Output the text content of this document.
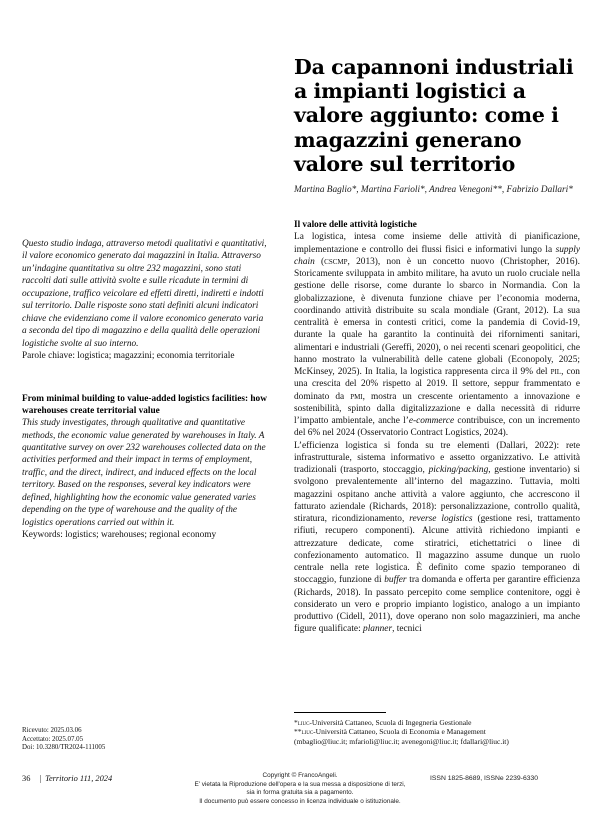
Da capannoni industriali a impianti logistici a valore aggiunto: come i magazzini generano valore sul territorio
Martina Baglio*, Martina Farioli*, Andrea Venegoni**, Fabrizio Dallari*
Il valore delle attività logistiche

La logistica, intesa come insieme delle attività di pianificazione, implementazione e controllo dei flussi fisici e informativi lungo la supply chain (cscmp, 2013), non è un concetto nuovo (Christopher, 2016). Storicamente sviluppata in ambito militare, ha avuto un ruolo cruciale nella gestione delle risorse, come durante lo sbarco in Normandia. Con la globalizzazione, è divenuta funzione chiave per l’economia moderna, coordinando attività distribuite su scala mondiale (Grant, 2012). La sua centralità è emersa in contesti critici, come la pandemia di Covid-19, durante la quale ha garantito la continuità dei rifornimenti sanitari, alimentari e industriali (Gereffi, 2020), o nei recenti scenari geopolitici, che hanno mostrato la vulnerabilità delle catene globali (Econopoly, 2025; McKinsey, 2025). In Italia, la logistica rappresenta circa il 9% del pil, con una crescita del 20% rispetto al 2019. Il settore, seppur frammentato e dominato da pmi, mostra un crescente orientamento a innovazione e sostenibilità, spinto dalla digitalizzazione e dalla necessità di ridurre l’impatto ambientale, anche l’e-commerce contribuisce, con un incremento del 6% nel 2024 (Osservatorio Contract Logistics, 2024).

L’efficienza logistica si fonda su tre elementi (Dallari, 2022): rete infrastrutturale, sistema informativo e assetto organizzativo. Le attività tradizionali (trasporto, stoccaggio, picking/packing, gestione inventario) si svolgono prevalentemente all’interno del magazzino. Tuttavia, molti magazzini ospitano anche attività a valore aggiunto, che accrescono il fatturato aziendale (Richards, 2018): personalizzazione, controllo qualità, stiratura, ricondizionamento, reverse logistics (gestione resi, trattamento rifiuti, recupero componenti). Alcune attività richiedono impianti e attrezzature dedicate, come stiratrici, etichettatrici o linee di confezionamento automatico. Il magazzino assume dunque un ruolo centrale nella rete logistica. È definito come spazio temporaneo di stoccaggio, funzione di buffer tra domanda e offerta per garantire efficienza (Richards, 2018). In passato percepito come semplice contenitore, oggi è considerato un vero e proprio impianto logistico, analogo a un impianto produttivo (Cidell, 2011), dove operano non solo magazzinieri, ma anche figure qualificate: planner, tecnici

Questo studio indaga, attraverso metodi qualitativi e quantitativi, il valore economico generato dai magazzini in Italia. Attraverso un’indagine quantitativa su oltre 232 magazzini, sono stati raccolti dati sulle attività svolte e sulle ricadute in termini di occupazione, traffico veicolare ed effetti diretti, indiretti e indotti sul territorio. Dalle risposte sono stati definiti alcuni indicatori chiave che evidenziano come il valore economico generato varia a seconda del tipo di magazzino e della qualità delle operazioni logistiche svolte al suo interno.

Parole chiave: logistica; magazzini; economia territoriale

From minimal building to value-added logistics facilities: how warehouses create territorial value

This study investigates, through qualitative and quantitative methods, the economic value generated by warehouses in Italy. A quantitative survey on over 232 warehouses collected data on the activities performed and their impact in terms of employment, traffic, and the direct, indirect, and induced effects on the local territory. Based on the responses, several key indicators were defined, highlighting how the economic value generated varies depending on the type of warehouse and the quality of the logistics operations carried out within it.

Keywords: logistics; warehouses; regional economy

Ricevuto: 2025.03.06
Accettato: 2025.07.05
Doi: 10.3280/TR2024-111005

*liuc-Università Cattaneo, Scuola di Ingegneria Gestionale

**liuc-Università Cattaneo, Scuola di Economia e Management

(mbaglio@liuc.it; mfarioli@liuc.it; avenegoni@liuc.it; fdallari@liuc.it)

36 | Territorio 111, 2024	Copyright © FrancoAngeli.
E' vietata la Riproduzione dell'opera e la sua messa a disposizione di terzi,
sia in forma gratuita sia a pagamento.
Il documento può essere concesso in licenza individuale o istituzionale.
ISSN 1825-8689, ISSNe 2239-6330
